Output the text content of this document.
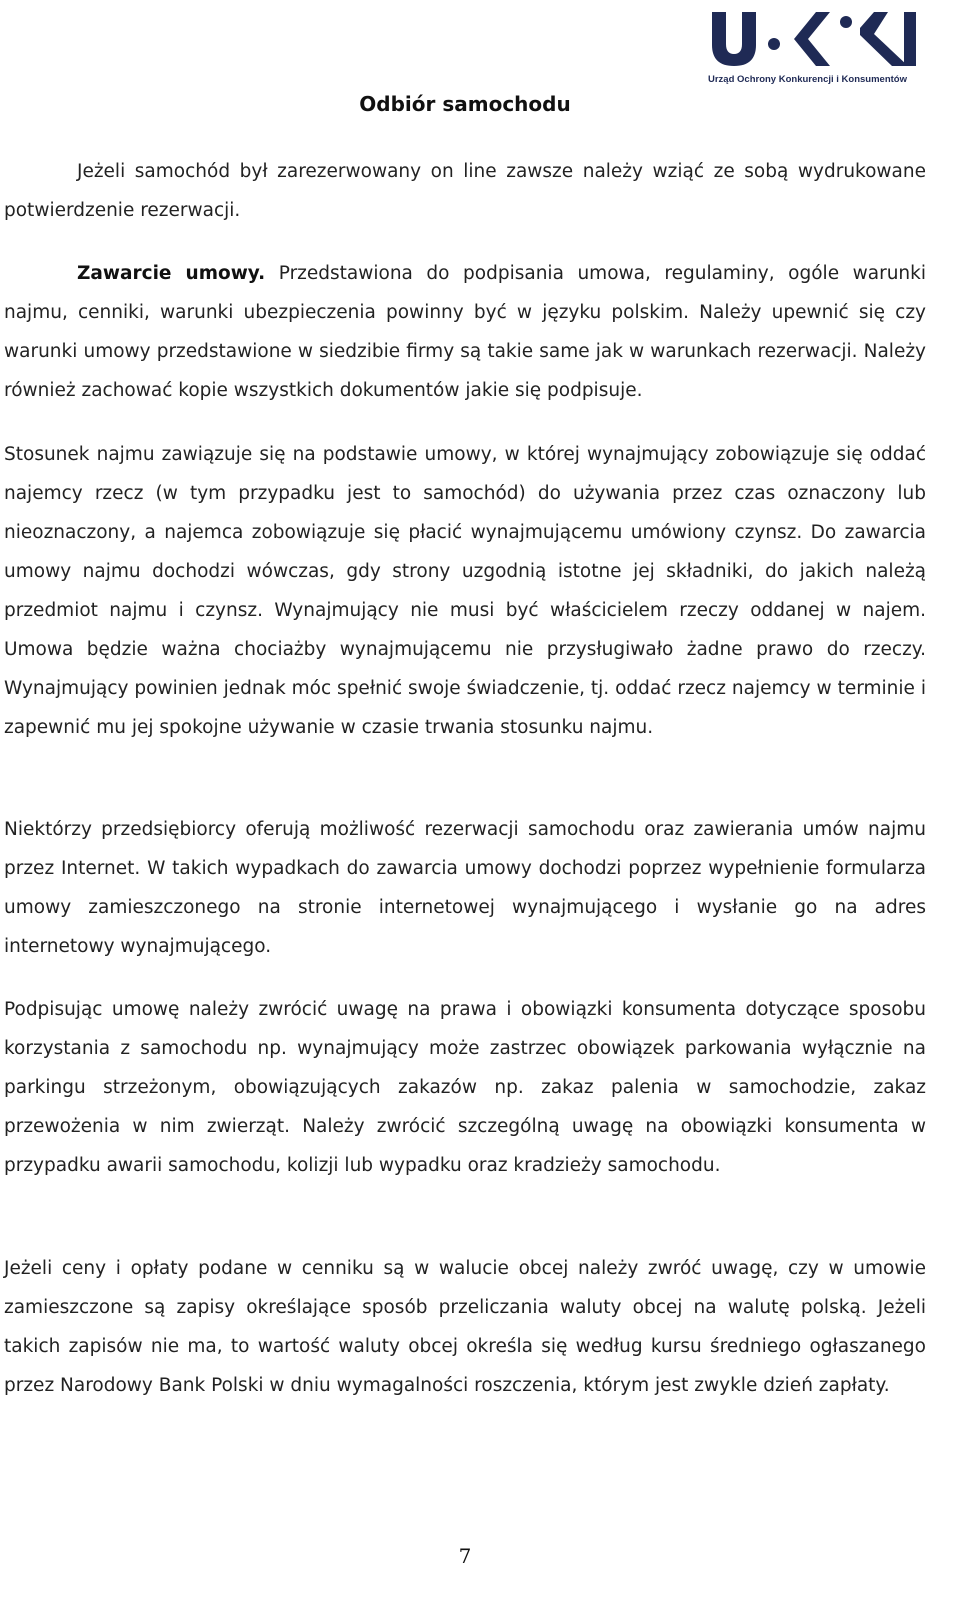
Urząd Ochrony Konkurencji i Konsumentów
Odbiór samochodu

Jeżeli samochód był zarezerwowany on line zawsze należy wziąć ze sobą wydrukowane potwierdzenie rezerwacji.

Zawarcie umowy. Przedstawiona do podpisania umowa, regulaminy, ogóle warunki najmu, cenniki, warunki ubezpieczenia powinny być w języku polskim. Należy upewnić się czy warunki umowy przedstawione w siedzibie firmy są takie same jak w warunkach rezerwacji. Należy również zachować kopie wszystkich dokumentów jakie się podpisuje.

Stosunek najmu zawiązuje się na podstawie umowy, w której wynajmujący zobowiązuje się oddać najemcy rzecz (w tym przypadku jest to samochód) do używania przez czas oznaczony lub nieoznaczony, a najemca zobowiązuje się płacić wynajmującemu umówiony czynsz. Do zawarcia umowy najmu dochodzi wówczas, gdy strony uzgodnią istotne jej składniki, do jakich należą przedmiot najmu i czynsz. Wynajmujący nie musi być właścicielem rzeczy oddanej w najem. Umowa będzie ważna chociażby wynajmującemu nie przysługiwało żadne prawo do rzeczy. Wynajmujący powinien jednak móc spełnić swoje świadczenie, tj. oddać rzecz najemcy w terminie i zapewnić mu jej spokojne używanie w czasie trwania stosunku najmu.

Niektórzy przedsiębiorcy oferują możliwość rezerwacji samochodu oraz zawierania umów najmu przez Internet. W takich wypadkach do zawarcia umowy dochodzi poprzez wypełnienie formularza umowy zamieszczonego na stronie internetowej wynajmującego i wysłanie go na adres internetowy wynajmującego.

Podpisując umowę należy zwrócić uwagę na prawa i obowiązki konsumenta dotyczące sposobu korzystania z samochodu np. wynajmujący może zastrzec obowiązek parkowania wyłącznie na parkingu strzeżonym, obowiązujących zakazów np. zakaz palenia w samochodzie, zakaz przewożenia w nim zwierząt. Należy zwrócić szczególną uwagę na obowiązki konsumenta w przypadku awarii samochodu, kolizji lub wypadku oraz kradzieży samochodu.

Jeżeli ceny i opłaty podane w cenniku są w walucie obcej należy zwróć uwagę, czy w umowie zamieszczone są zapisy określające sposób przeliczania waluty obcej na walutę polską. Jeżeli takich zapisów nie ma, to wartość waluty obcej określa się według kursu średniego ogłaszanego przez Narodowy Bank Polski w dniu wymagalności roszczenia, którym jest zwykle dzień zapłaty.

7
